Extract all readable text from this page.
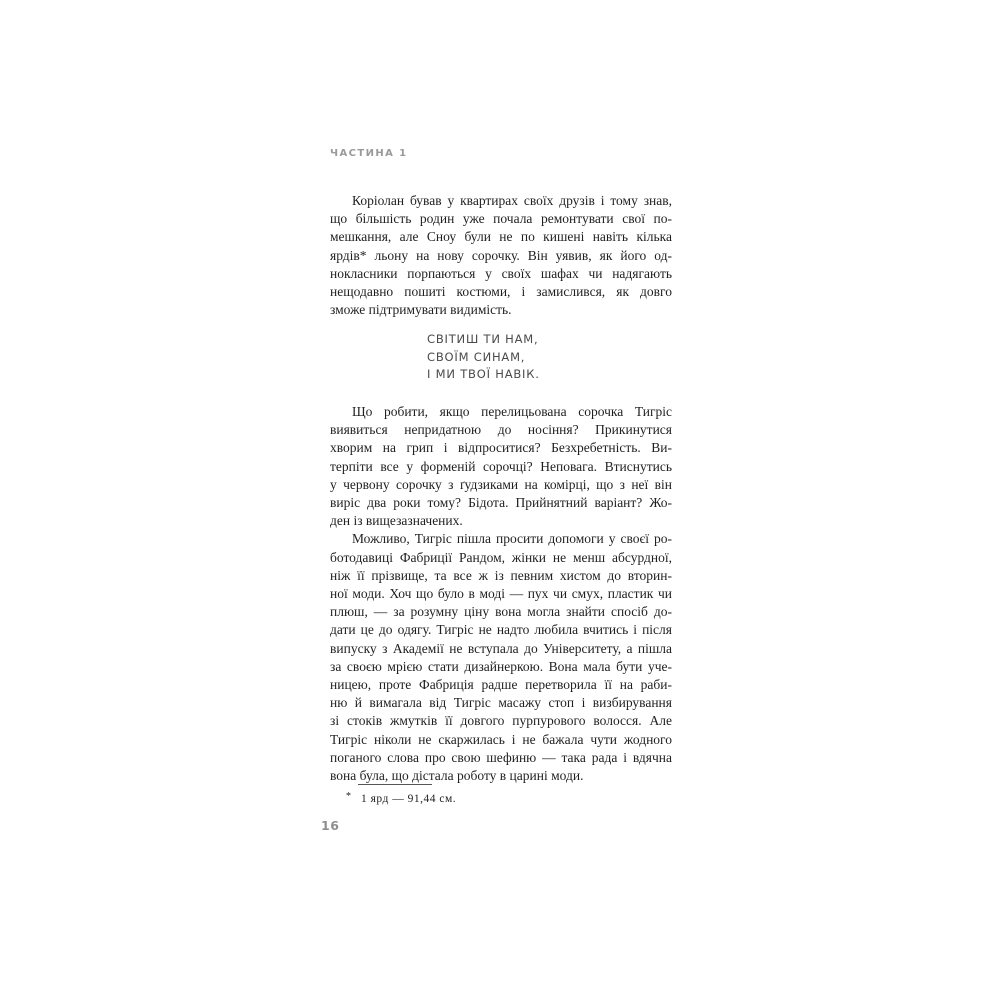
ЧАСТИНА 1
Коріолан бував у квартирах своїх друзів і тому знав,
що більшість родин уже почала ремонтувати свої по-
мешкання, але Сноу були не по кишені навіть кілька
ярдів* льону на нову сорочку. Він уявив, як його од-
нокласники порпаються у своїх шафах чи надягають
нещодавно пошиті костюми, і замислився, як довго
зможе підтримувати видимість.
СВІТИШ ТИ НАМ,
СВОЇМ СИНАМ,
І МИ ТВОЇ НАВІК.
Що робити, якщо перелицьована сорочка Тигріс
виявиться непридатною до носіння? Прикинутися
хворим на грип і відпроситися? Безхребетність. Ви-
терпіти все у форменій сорочці? Неповага. Втиснутись
у червону сорочку з ґудзиками на комірці, що з неї він
виріс два роки тому? Бідота. Прийнятний варіант? Жо-
ден із вищезазначених.
Можливо, Тигріс пішла просити допомоги у своєї ро-
ботодавиці Фабриції Рандом, жінки не менш абсурдної,
ніж її прізвище, та все ж із певним хистом до вторин-
ної моди. Хоч що було в моді — пух чи смух, пластик чи
плюш, — за розумну ціну вона могла знайти спосіб до-
дати це до одягу. Тигріс не надто любила вчитись і після
випуску з Академії не вступала до Університету, а пішла
за своєю мрією стати дизайнеркою. Вона мала бути уче-
ницею, проте Фабриція радше перетворила її на раби-
ню й вимагала від Тигріс масажу стоп і визбирування
зі стоків жмутків її довгого пурпурового волосся. Але
Тигріс ніколи не скаржилась і не бажала чути жодного
поганого слова про свою шефиню — така рада і вдячна
вона була, що дістала роботу в царині моди.
* 1 ярд — 91,44 см.
16
